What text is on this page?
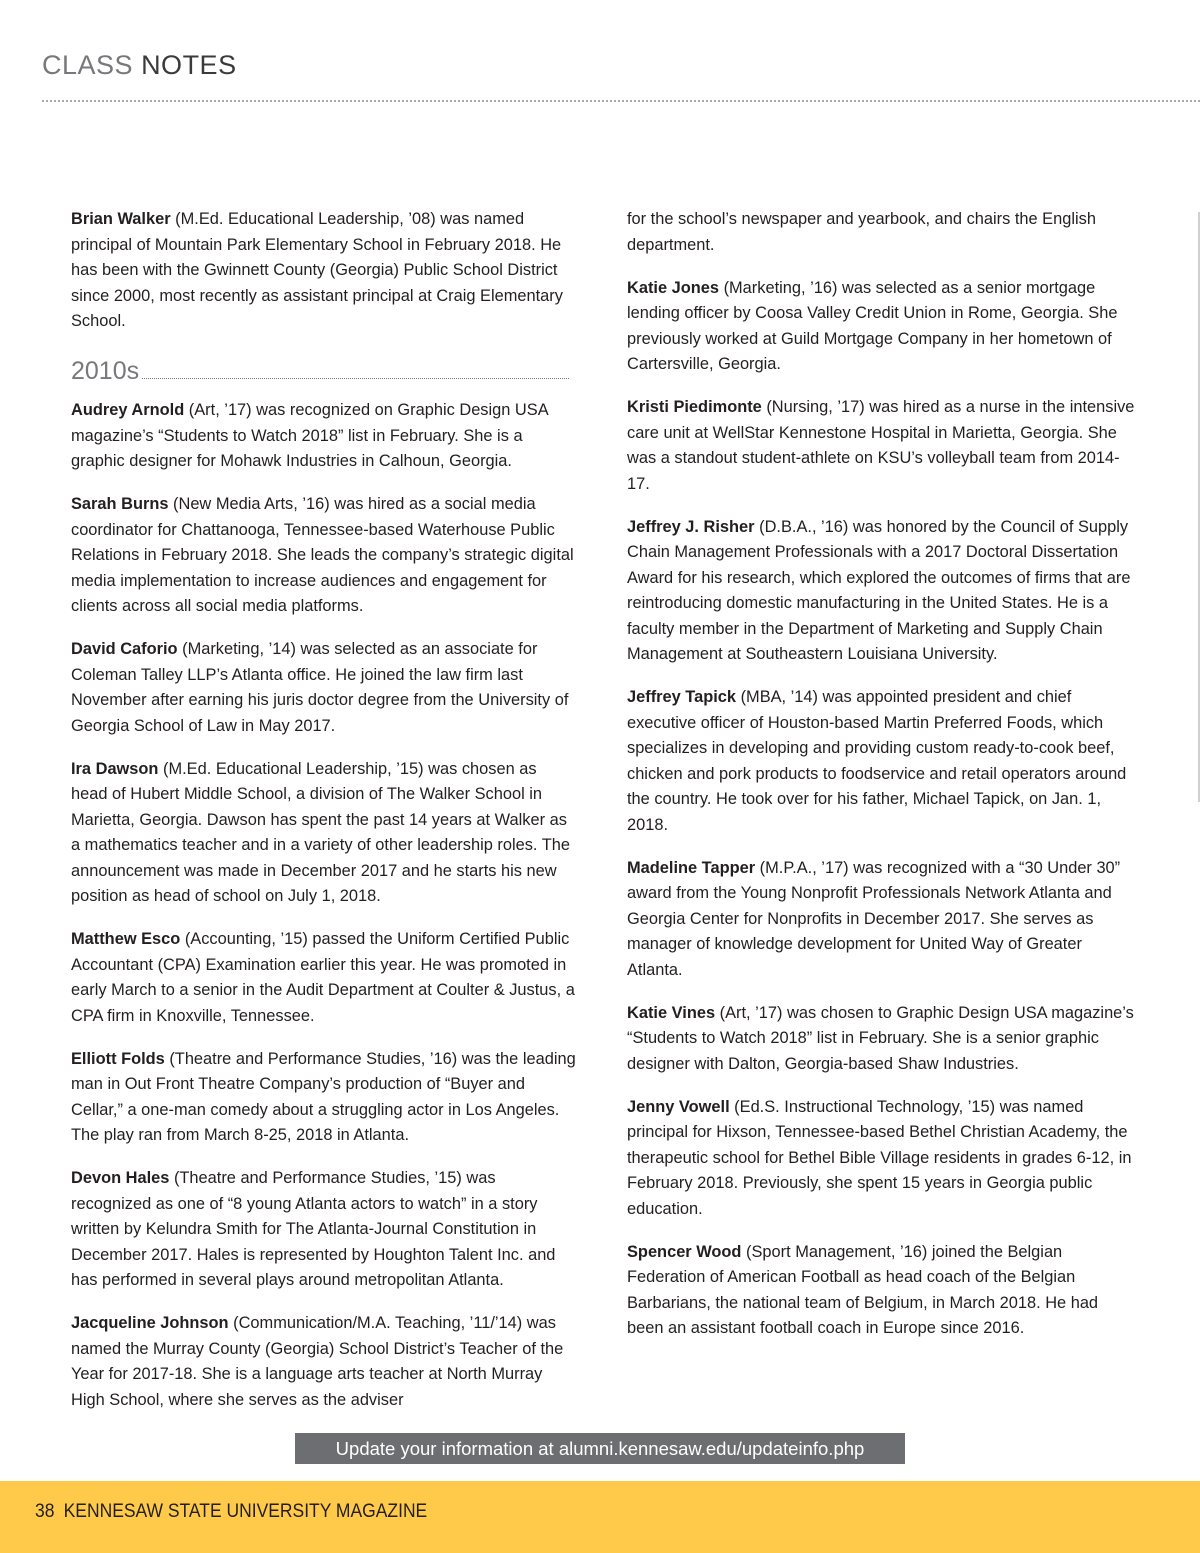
CLASS NOTES

Brian Walker (M.Ed. Educational Leadership, ’08) was named principal of Mountain Park Elementary School in February 2018. He has been with the Gwinnett County (Georgia) Public School District since 2000, most recently as assistant principal at Craig Elementary School.

2010s

Audrey Arnold (Art, ’17) was recognized on Graphic Design USA magazine’s “Students to Watch 2018” list in February. She is a graphic designer for Mohawk Industries in Calhoun, Georgia.

Sarah Burns (New Media Arts, ’16) was hired as a social media coordinator for Chattanooga, Tennessee-based Waterhouse Public Relations in February 2018. She leads the company’s strategic digital media implementation to increase audiences and engagement for clients across all social media platforms.

David Caforio (Marketing, ’14) was selected as an associate for Coleman Talley LLP’s Atlanta office. He joined the law firm last November after earning his juris doctor degree from the University of Georgia School of Law in May 2017.

Ira Dawson (M.Ed. Educational Leadership, ’15) was chosen as head of Hubert Middle School, a division of The Walker School in Marietta, Georgia. Dawson has spent the past 14 years at Walker as a mathematics teacher and in a variety of other leadership roles. The announcement was made in December 2017 and he starts his new position as head of school on July 1, 2018.

Matthew Esco (Accounting, ’15) passed the Uniform Certified Public Accountant (CPA) Examination earlier this year. He was promoted in early March to a senior in the Audit Department at Coulter & Justus, a CPA firm in Knoxville, Tennessee.

Elliott Folds (Theatre and Performance Studies, ’16) was the leading man in Out Front Theatre Company’s production of “Buyer and Cellar,” a one-man comedy about a struggling actor in Los Angeles. The play ran from March 8-25, 2018 in Atlanta.

Devon Hales (Theatre and Performance Studies, ’15) was recognized as one of “8 young Atlanta actors to watch” in a story written by Kelundra Smith for The Atlanta-Journal Constitution in December 2017. Hales is represented by Houghton Talent Inc. and has performed in several plays around metropolitan Atlanta.

Jacqueline Johnson (Communication/M.A. Teaching, ’11/’14) was named the Murray County (Georgia) School District’s Teacher of the Year for 2017-18. She is a language arts teacher at North Murray High School, where she serves as the adviser

for the school’s newspaper and yearbook, and chairs the English department.

Katie Jones (Marketing, ’16) was selected as a senior mortgage lending officer by Coosa Valley Credit Union in Rome, Georgia. She previously worked at Guild Mortgage Company in her hometown of Cartersville, Georgia.

Kristi Piedimonte (Nursing, ’17) was hired as a nurse in the intensive care unit at WellStar Kennestone Hospital in Marietta, Georgia. She was a standout student-athlete on KSU’s volleyball team from 2014-17.

Jeffrey J. Risher (D.B.A., ’16) was honored by the Council of Supply Chain Management Professionals with a 2017 Doctoral Dissertation Award for his research, which explored the outcomes of firms that are reintroducing domestic manufacturing in the United States. He is a faculty member in the Department of Marketing and Supply Chain Management at Southeastern Louisiana University.

Jeffrey Tapick (MBA, ’14) was appointed president and chief executive officer of Houston-based Martin Preferred Foods, which specializes in developing and providing custom ready-to-cook beef, chicken and pork products to foodservice and retail operators around the country. He took over for his father, Michael Tapick, on Jan. 1, 2018.

Madeline Tapper (M.P.A., ’17) was recognized with a “30 Under 30” award from the Young Nonprofit Professionals Network Atlanta and Georgia Center for Nonprofits in December 2017. She serves as manager of knowledge development for United Way of Greater Atlanta.

Katie Vines (Art, ’17) was chosen to Graphic Design USA magazine’s “Students to Watch 2018” list in February. She is a senior graphic designer with Dalton, Georgia-based Shaw Industries.

Jenny Vowell (Ed.S. Instructional Technology, ’15) was named principal for Hixson, Tennessee-based Bethel Christian Academy, the therapeutic school for Bethel Bible Village residents in grades 6-12, in February 2018. Previously, she spent 15 years in Georgia public education.

Spencer Wood (Sport Management, ’16) joined the Belgian Federation of American Football as head coach of the Belgian Barbarians, the national team of Belgium, in March 2018. He had been an assistant football coach in Europe since 2016.

Update your information at alumni.kennesaw.edu/updateinfo.php
38 KENNESAW STATE UNIVERSITY MAGAZINE
